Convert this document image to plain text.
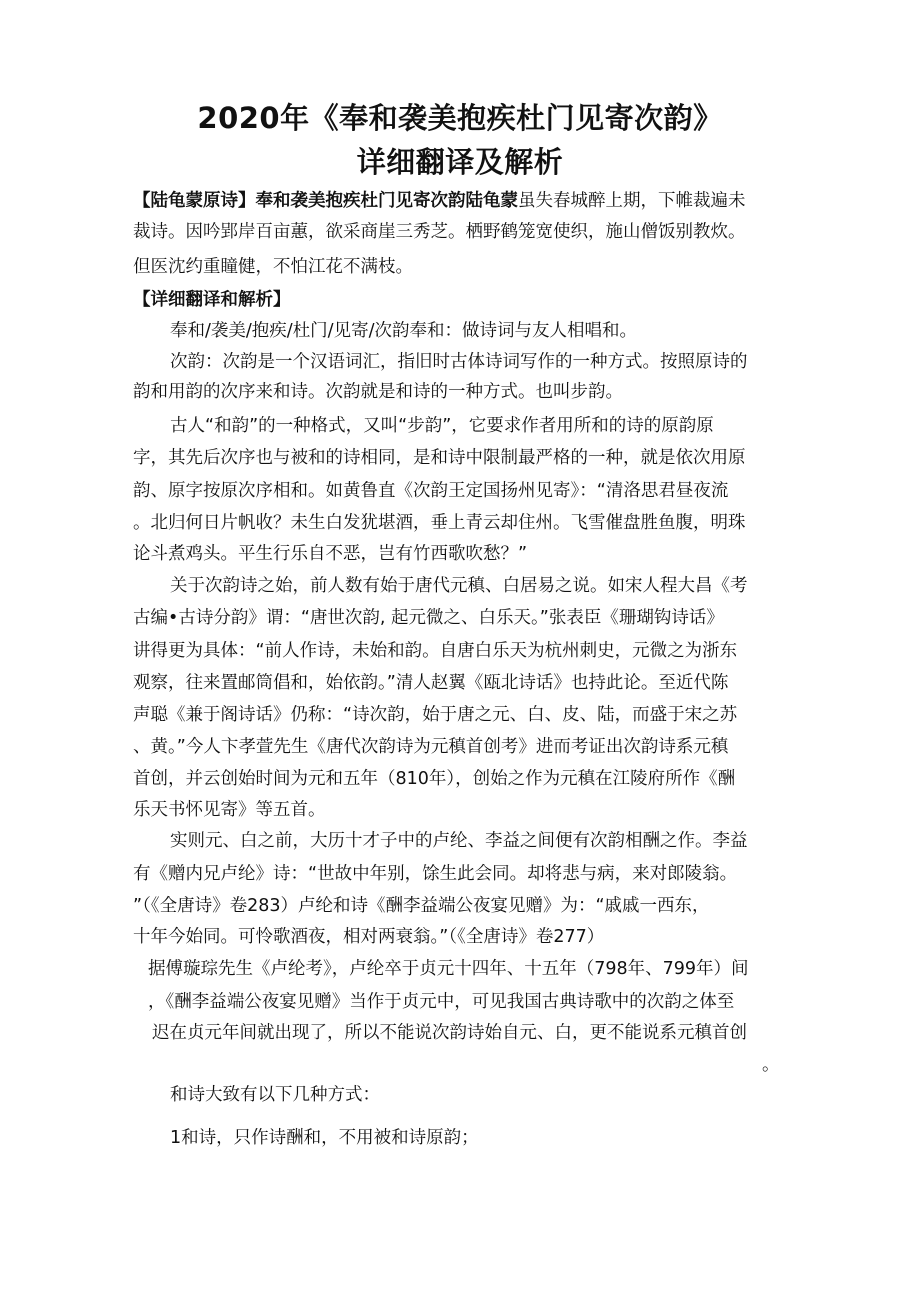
2020年《奉和袭美抱疾杜门见寄次韵》
详细翻译及解析
【陆龟蒙原诗】奉和袭美抱疾杜门见寄次韵陆龟蒙虽失春城醉上期，下帷裁遍未
裁诗。因吟郢岸百亩蕙，欲采商崖三秀芝。栖野鹤笼宽使织，施山僧饭别教炊。
但医沈约重瞳健，不怕江花不满枝。
【详细翻译和解析】
奉和/袭美/抱疾/杜门/见寄/次韵奉和：做诗词与友人相唱和。
次韵：次韵是一个汉语词汇，指旧时古体诗词写作的一种方式。按照原诗的
韵和用韵的次序来和诗。次韵就是和诗的一种方式。也叫步韵。
古人“和韵”的一种格式，又叫“步韵”，它要求作者用所和的诗的原韵原
字，其先后次序也与被和的诗相同，是和诗中限制最严格的一种，就是依次用原
韵、原字按原次序相和。如黄鲁直《次韵王定国扬州见寄》：“清洛思君昼夜流
。北归何日片帆收？未生白发犹堪酒，垂上青云却住州。飞雪催盘胜鱼腹，明珠
论斗煮鸡头。平生行乐自不恶，岂有竹西歌吹愁？”
关于次韵诗之始，前人数有始于唐代元稹、白居易之说。如宋人程大昌《考
古编•古诗分韵》谓：“唐世次韵, 起元微之、白乐天。”张表臣《珊瑚钩诗话》
讲得更为具体：“前人作诗，未始和韵。自唐白乐天为杭州刺史，元微之为浙东
观察，往来置邮筒倡和，始依韵。”清人赵翼《瓯北诗话》也持此论。至近代陈
声聪《兼于阁诗话》仍称：“诗次韵，始于唐之元、白、皮、陆，而盛于宋之苏
、黄。”今人卞孝萱先生《唐代次韵诗为元稹首创考》进而考证出次韵诗系元稹
首创，并云创始时间为元和五年（810年），创始之作为元稹在江陵府所作《酬
乐天书怀见寄》等五首。
实则元、白之前，大历十才子中的卢纶、李益之间便有次韵相酬之作。李益
有《赠内兄卢纶》诗：“世故中年别，馀生此会同。却将悲与病，来对郎陵翁。
”（《全唐诗》卷283）卢纶和诗《酬李益端公夜宴见赠》为：“戚戚一西东，
十年今始同。可怜歌酒夜，相对两衰翁。”（《全唐诗》卷277）
据傅璇琮先生《卢纶考》，卢纶卒于贞元十四年、十五年（798年、799年）间
，《酬李益端公夜宴见赠》当作于贞元中，可见我国古典诗歌中的次韵之体至
迟在贞元年间就出现了，所以不能说次韵诗始自元、白，更不能说系元稹首创
。
和诗大致有以下几种方式：
1和诗，只作诗酬和，不用被和诗原韵；
